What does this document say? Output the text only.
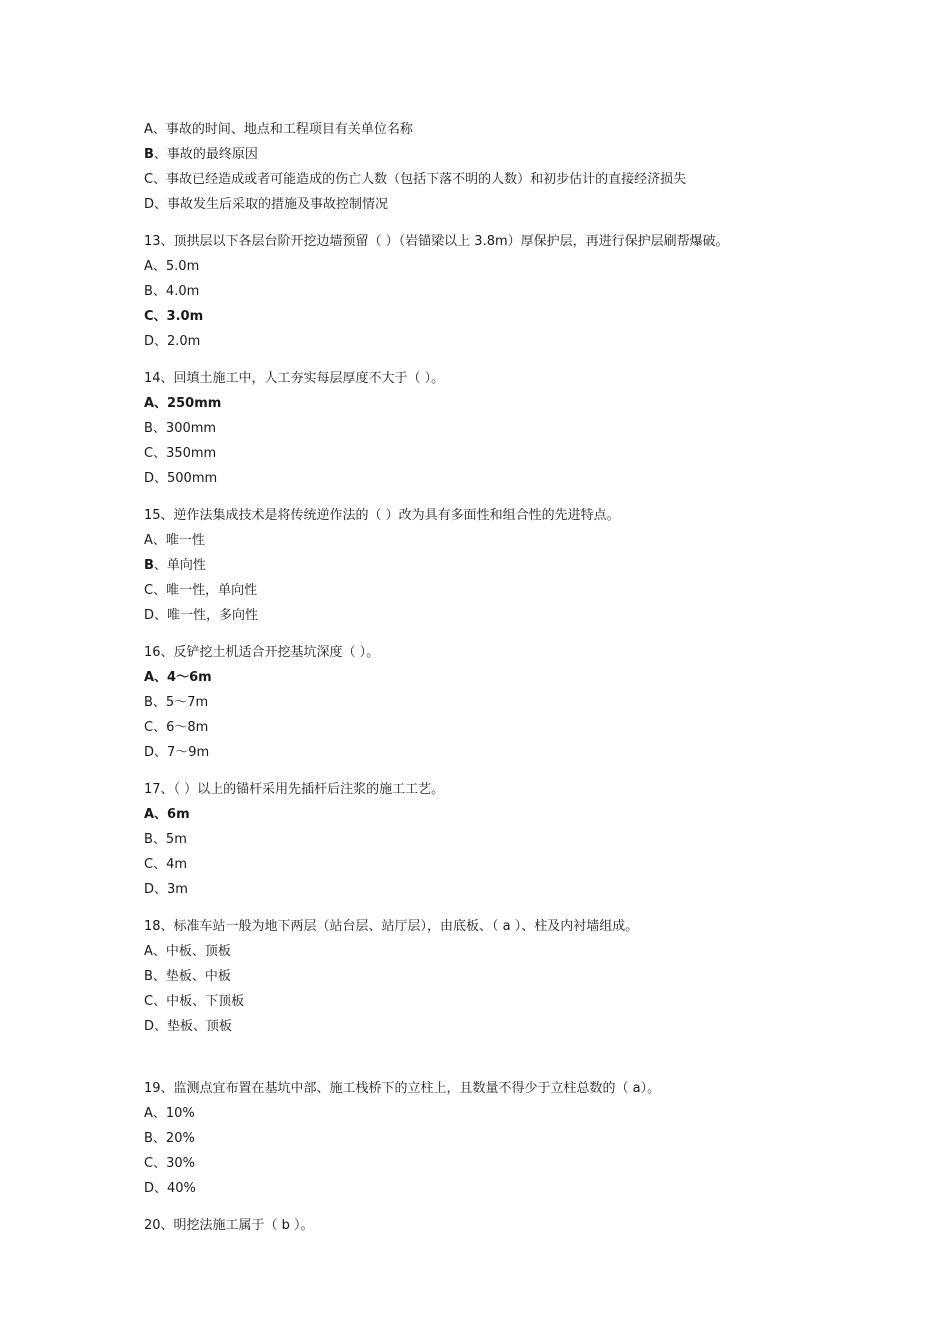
A、事故的时间、地点和工程项目有关单位名称
B、事故的最终原因
C、事故已经造成或者可能造成的伤亡人数（包括下落不明的人数）和初步估计的直接经济损失
D、事故发生后采取的措施及事故控制情况
13、顶拱层以下各层台阶开挖边墙预留（ ）（岩锚梁以上 3.8m）厚保护层，再进行保护层刷帮爆破。
A、5.0m
B、4.0m
C、3.0m
D、2.0m
14、回填土施工中，人工夯实每层厚度不大于（ ）。
A、250mm
B、300mm
C、350mm
D、500mm
15、逆作法集成技术是将传统逆作法的（ ）改为具有多面性和组合性的先进特点。
A、唯一性
B、单向性
C、唯一性，单向性
D、唯一性，多向性
16、反铲挖土机适合开挖基坑深度（ ）。
A、4～6m
B、5～7m
C、6～8m
D、7～9m
17、（ ）以上的锚杆采用先插杆后注浆的施工工艺。
A、6m
B、5m
C、4m
D、3m
18、标准车站一般为地下两层（站台层、站厅层），由底板、（ a ）、柱及内衬墙组成。
A、中板、顶板
B、垫板、中板
C、中板、下顶板
D、垫板、顶板
19、监测点宜布置在基坑中部、施工栈桥下的立柱上，且数量不得少于立柱总数的（ a）。
A、10%
B、20%
C、30%
D、40%
20、明挖法施工属于（ b ）。
